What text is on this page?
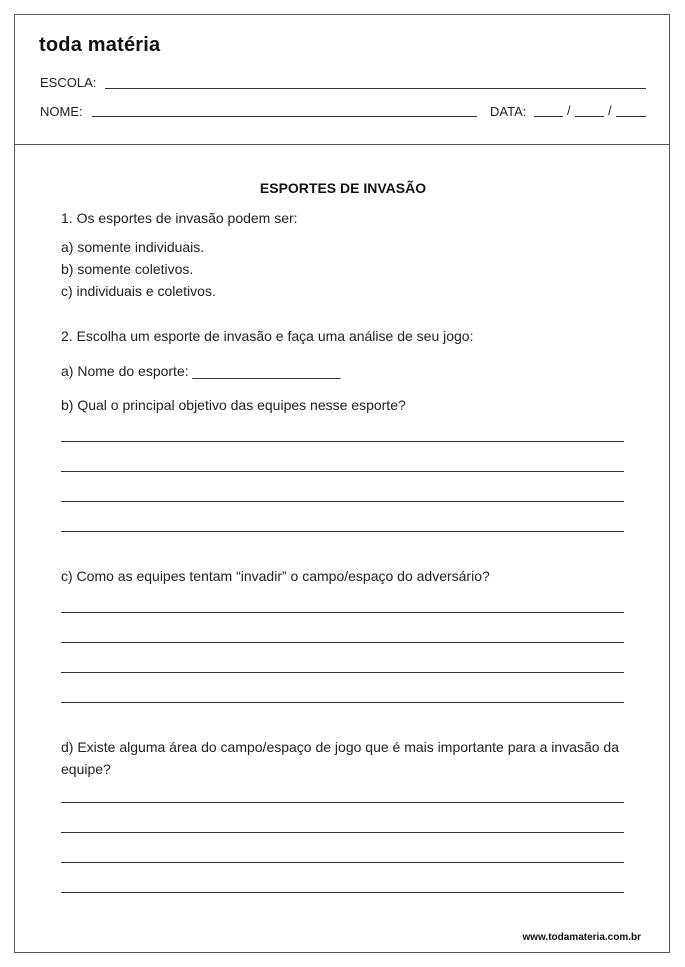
toda matéria
ESCOLA:
NOME:	DATA:	/	/
ESPORTES DE INVASÃO
1. Os esportes de invasão podem ser:
a) somente individuais.
b) somente coletivos.
c) individuais e coletivos.
2. Escolha um esporte de invasão e faça uma análise de seu jogo:
a) Nome do esporte: ___________________
b) Qual o principal objetivo das equipes nesse esporte?
c) Como as equipes tentam “invadir” o campo/espaço do adversário?
d) Existe alguma área do campo/espaço de jogo que é mais importante para a invasão da equipe?
www.todamateria.com.br
